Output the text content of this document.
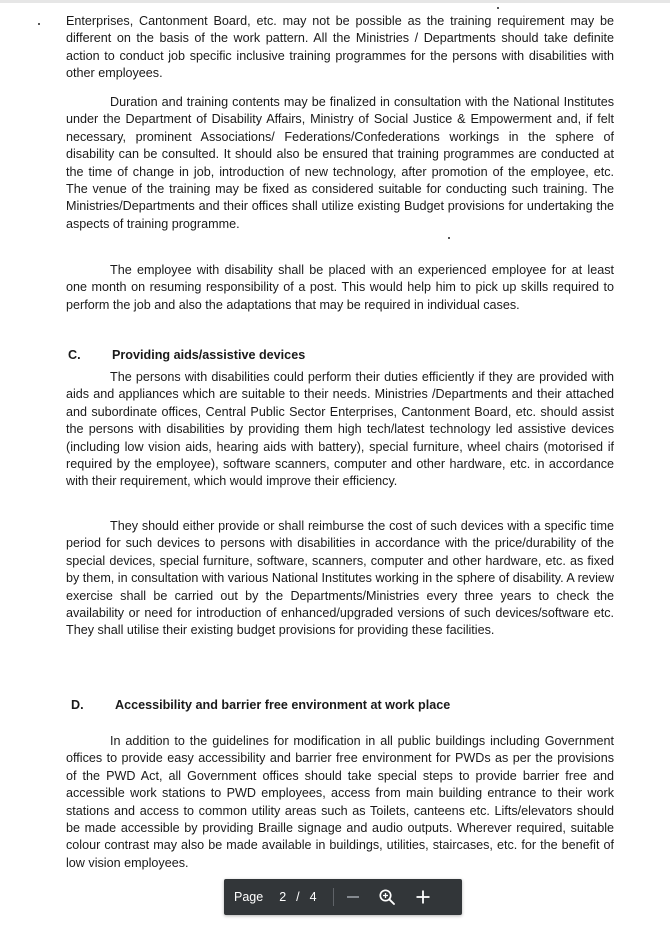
Enterprises, Cantonment Board, etc. may not be possible as the training requirement may be different on the basis of the work pattern. All the Ministries / Departments should take definite action to conduct job specific inclusive training programmes for the persons with disabilities with other employees.

Duration and training contents may be finalized in consultation with the National Institutes under the Department of Disability Affairs, Ministry of Social Justice & Empowerment and, if felt necessary, prominent Associations/ Federations/Confederations workings in the sphere of disability can be consulted. It should also be ensured that training programmes are conducted at the time of change in job, introduction of new technology, after promotion of the employee, etc. The venue of the training may be fixed as considered suitable for conducting such training. The Ministries/Departments and their offices shall utilize existing Budget provisions for undertaking the aspects of training programme.

The employee with disability shall be placed with an experienced employee for at least one month on resuming responsibility of a post. This would help him to pick up skills required to perform the job and also the adaptations that may be required in individual cases.

C. Providing aids/assistive devices

The persons with disabilities could perform their duties efficiently if they are provided with aids and appliances which are suitable to their needs. Ministries /Departments and their attached and subordinate offices, Central Public Sector Enterprises, Cantonment Board, etc. should assist the persons with disabilities by providing them high tech/latest technology led assistive devices (including low vision aids, hearing aids with battery), special furniture, wheel chairs (motorised if required by the employee), software scanners, computer and other hardware, etc. in accordance with their requirement, which would improve their efficiency.

They should either provide or shall reimburse the cost of such devices with a specific time period for such devices to persons with disabilities in accordance with the price/durability of the special devices, special furniture, software, scanners, computer and other hardware, etc. as fixed by them, in consultation with various National Institutes working in the sphere of disability. A review exercise shall be carried out by the Departments/Ministries every three years to check the availability or need for introduction of enhanced/upgraded versions of such devices/software etc. They shall utilise their existing budget provisions for providing these facilities.

D. Accessibility and barrier free environment at work place

In addition to the guidelines for modification in all public buildings including Government offices to provide easy accessibility and barrier free environment for PWDs as per the provisions of the PWD Act, all Government offices should take special steps to provide barrier free and accessible work stations to PWD employees, access from main building entrance to their work stations and access to common utility areas such as Toilets, canteens etc. Lifts/elevators should be made accessible by providing Braille signage and audio outputs. Wherever required, suitable colour contrast may also be made available in buildings, utilities, staircases, etc. for the benefit of low vision employees.

Page 2 / 4
